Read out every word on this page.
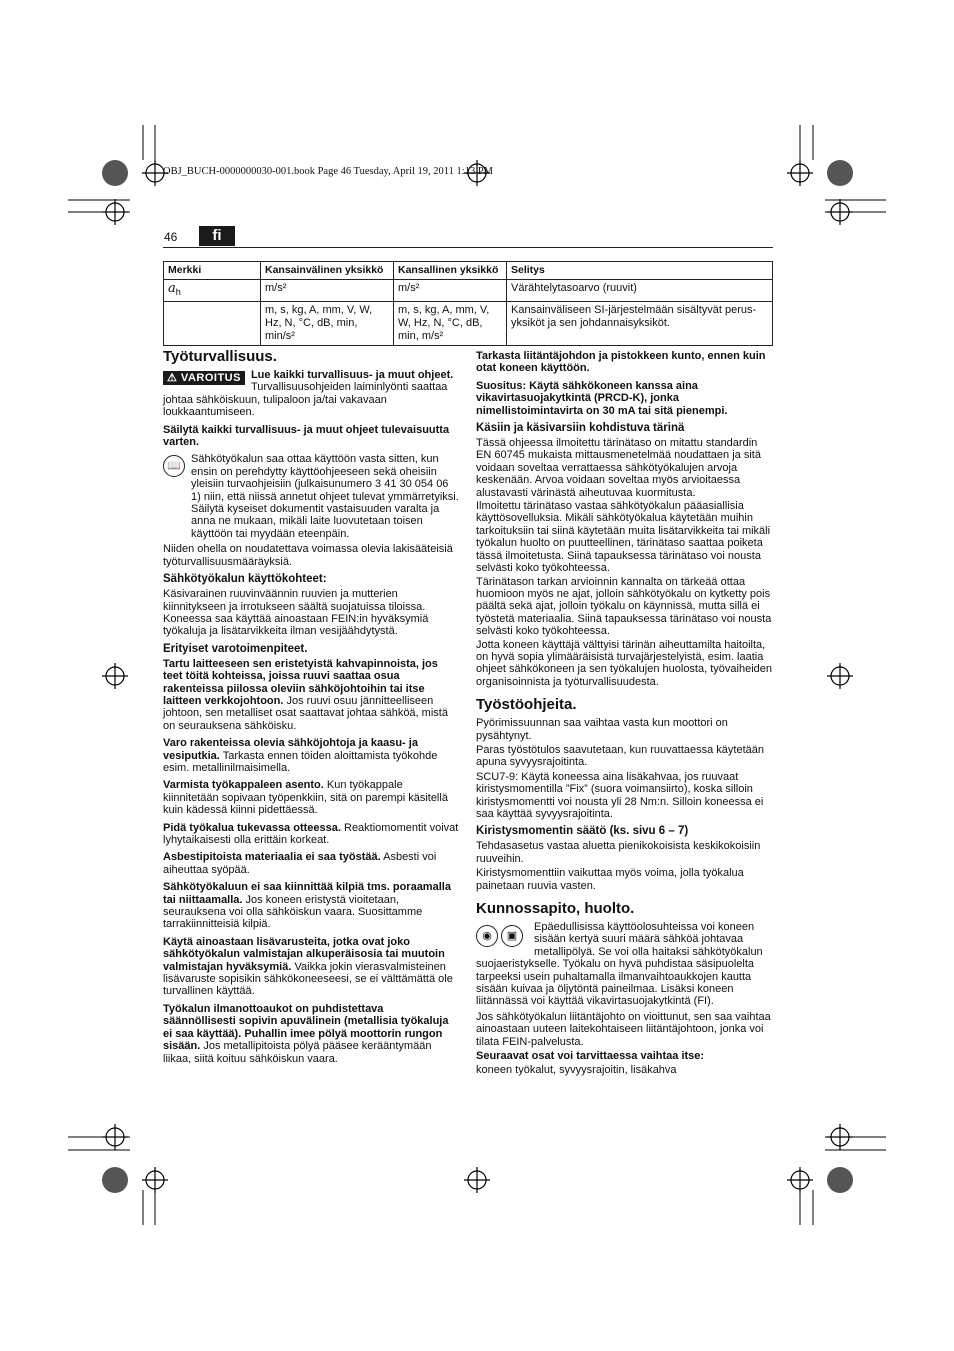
OBJ_BUCH-0000000030-001.book Page 46 Tuesday, April 19, 2011 1:13 PM
46	fi
Merkki	Kansainvälinen yksikkö	Kansallinen yksikkö	Selitys
$a_h$	m/s²	m/s²	Värähtelytasoarvo (ruuvit)
	m, s, kg, A, mm, V, W, Hz, N, °C, dB, min, min/s²	m, s, kg, A, mm, V, W, Hz, N, °C, dB, min, m/s²	Kansainväliseen SI-järjestelmään sisältyvät perus-yksiköt ja sen johdannaisyksiköt.
Työturvallisuus.

⚠ VAROITUS Lue kaikki turvallisuus- ja muut ohjeet. Turvallisuusohjeiden laiminlyönti saattaa johtaa sähköiskuun, tulipaloon ja/tai vakavaan loukkaantumiseen.

Säilytä kaikki turvallisuus- ja muut ohjeet tulevaisuutta varten.

📖

Sähkötyökalun saa ottaa käyttöön vasta sitten, kun ensin on perehdytty käyttöohjeeseen sekä oheisiin yleisiin turvaohjeisiin (julkaisunumero 3 41 30 054 06 1) niin, että niissä annetut ohjeet tulevat ymmärretyiksi. Säilytä kyseiset dokumentit vastaisuuden varalta ja anna ne mukaan, mikäli laite luovutetaan toisen käyttöön tai myydään eteenpäin.

Niiden ohella on noudatettava voimassa olevia lakisääteisiä työturvallisuusmääräyksiä.

Sähkötyökalun käyttökohteet:

Käsivarainen ruuvinväännin ruuvien ja mutterien kiinnitykseen ja irrotukseen säältä suojatuissa tiloissa. Koneessa saa käyttää ainoastaan FEIN:in hyväksymiä työkaluja ja lisätarvikkeita ilman vesijäähdytystä.

Erityiset varotoimenpiteet.

Tartu laitteeseen sen eristetyistä kahvapinnoista, jos teet töitä kohteissa, joissa ruuvi saattaa osua rakenteissa piilossa oleviin sähköjohtoihin tai itse laitteen verkkojohtoon. Jos ruuvi osuu jännitteelliseen johtoon, sen metalliset osat saattavat johtaa sähköä, mistä on seurauksena sähköisku.

Varo rakenteissa olevia sähköjohtoja ja kaasu- ja vesiputkia. Tarkasta ennen töiden aloittamista työkohde esim. metallinilmaisimella.

Varmista työkappaleen asento. Kun työkappale kiinnitetään sopivaan työpenkkiin, sitä on parempi käsitellä kuin kädessä kiinni pidettäessä.

Pidä työkalua tukevassa otteessa. Reaktiomomentit voivat lyhytaikaisesti olla erittäin korkeat.

Asbestipitoista materiaalia ei saa työstää. Asbesti voi aiheuttaa syöpää.

Sähkötyökaluun ei saa kiinnittää kilpiä tms. poraamalla tai niittaamalla. Jos koneen eristystä vioitetaan, seurauksena voi olla sähköiskun vaara. Suosittamme tarrakiinnitteisiä kilpiä.

Käytä ainoastaan lisävarusteita, jotka ovat joko sähkötyökalun valmistajan alkuperäisosia tai muutoin valmistajan hyväksymiä. Vaikka jokin vierasvalmisteinen lisävaruste sopisikin sähkökoneeseesi, se ei välttämättä ole turvallinen käyttää.

Työkalun ilmanottoaukot on puhdistettava säännöllisesti sopivin apuvälinein (metallisia työkaluja ei saa käyttää). Puhallin imee pölyä moottorin rungon sisään. Jos metallipitoista pölyä pääsee kerääntymään liikaa, siitä koituu sähköiskun vaara.

Tarkasta liitäntäjohdon ja pistokkeen kunto, ennen kuin otat koneen käyttöön.

Suositus: Käytä sähkökoneen kanssa aina vikavirtasuojakytkintä (PRCD-K), jonka nimellistoimintavirta on 30 mA tai sitä pienempi.

Käsiin ja käsivarsiin kohdistuva tärinä

Tässä ohjeessa ilmoitettu tärinätaso on mitattu standardin EN 60745 mukaista mittausmenetelmää noudattaen ja sitä voidaan soveltaa verrattaessa sähkötyökalujen arvoja keskenään. Arvoa voidaan soveltaa myös arvioitaessa alustavasti värinästä aiheutuvaa kuormitusta.

Ilmoitettu tärinätaso vastaa sähkötyökalun pääasiallisia käyttösovelluksia. Mikäli sähkötyökalua käytetään muihin tarkoituksiin tai siinä käytetään muita lisätarvikkeita tai mikäli työkalun huolto on puutteellinen, tärinätaso saattaa poiketa tässä ilmoitetusta. Siinä tapauksessa tärinätaso voi nousta selvästi koko työkohteessa.

Tärinätason tarkan arvioinnin kannalta on tärkeää ottaa huomioon myös ne ajat, jolloin sähkötyökalu on kytketty pois päältä sekä ajat, jolloin työkalu on käynnissä, mutta sillä ei työstetä materiaalia. Siinä tapauksessa tärinätaso voi nousta selvästi koko työkohteessa.

Jotta koneen käyttäjä välttyisi tärinän aiheuttamilta haitoilta, on hyvä sopia ylimääräisistä turvajärjestelyistä, esim. laatia ohjeet sähkökoneen ja sen työkalujen huolosta, työvaiheiden organisoinnista ja työturvallisuudesta.

Työstöohjeita.

Pyörimissuunnan saa vaihtaa vasta kun moottori on pysähtynyt.

Paras työstötulos saavutetaan, kun ruuvattaessa käytetään apuna syvyysrajoitinta.

SCU7-9: Käytä koneessa aina lisäkahvaa, jos ruuvaat kiristysmomentilla ”Fix” (suora voimansiirto), koska silloin kiristysmomentti voi nousta yli 28 Nm:n. Silloin koneessa ei saa käyttää syvyysrajoitinta.

Kiristysmomentin säätö (ks. sivu 6 – 7)

Tehdasasetus vastaa aluetta pienikokoisista keskikokoisiin ruuveihin.

Kiristysmomenttiin vaikuttaa myös voima, jolla työkalua painetaan ruuvia vasten.

Kunnossapito, huolto.
◉	▣

Epäedullisissa käyttöolosuhteissa voi koneen sisään kertyä suuri määrä sähköä johtavaa metallipölyä. Se voi olla haitaksi sähkötyökalun suojaeristykselle. Työkalu on hyvä puhdistaa säsipuolelta tarpeeksi usein puhaltamalla ilmanvaihtoaukkojen kautta sisään kuivaa ja öljytöntä paineilmaa. Lisäksi koneen liitännässä voi käyttää vikavirtasuojakytkintä (FI).

Jos sähkötyökalun liitäntäjohto on vioittunut, sen saa vaihtaa ainoastaan uuteen laitekohtaiseen liitäntäjohtoon, jonka voi tilata FEIN-palvelusta.

Seuraavat osat voi tarvittaessa vaihtaa itse:

koneen työkalut, syvyysrajoitin, lisäkahva
